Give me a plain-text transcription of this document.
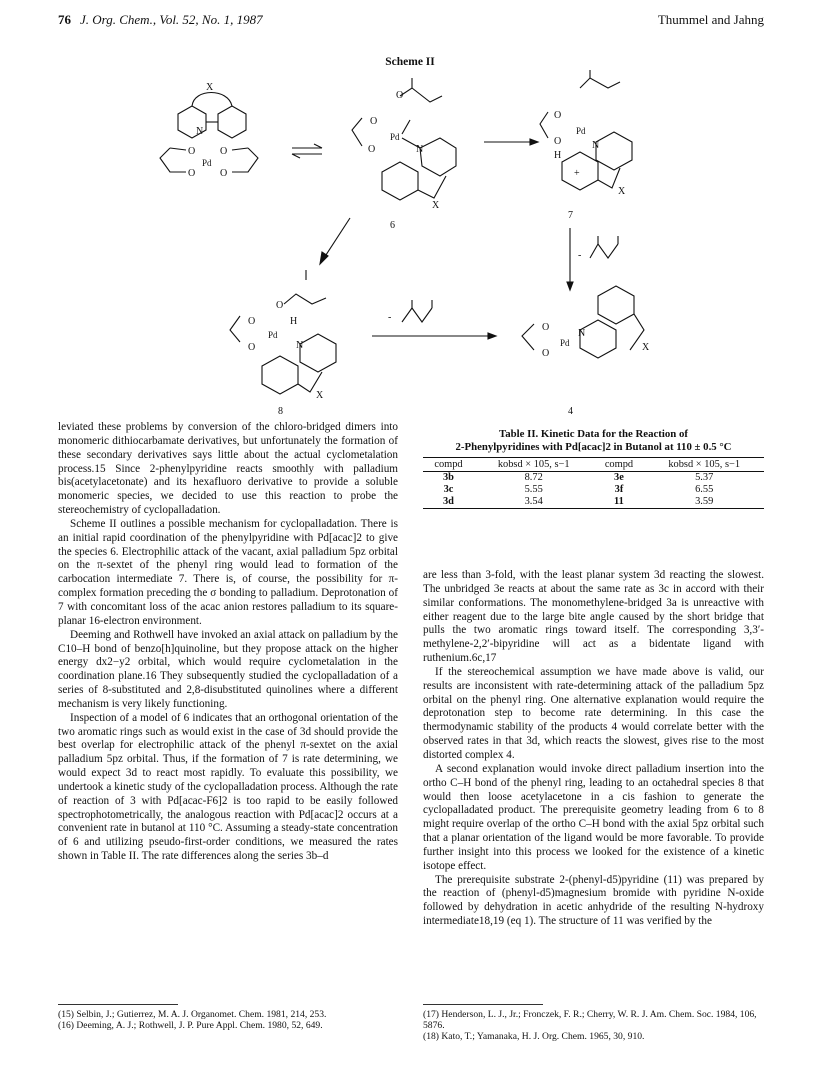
76 J. Org. Chem., Vol. 52, No. 1, 1987	Thummel and Jahng
Scheme II
X
N
O
O
O
O
Pd
O
O
O
Pd
N
X
6
O
O
Pd
N
H
+
X
7
-
O
O
O
Pd
H
N
X
8
-
O
O
Pd
N
X
4

leviated these problems by conversion of the chloro-bridged dimers into monomeric dithiocarbamate derivatives, but unfortunately the formation of these secondary derivatives says little about the actual cyclometalation process.15 Since 2-phenylpyridine reacts smoothly with palladium bis(acetylacetonate) and its hexafluoro derivative to provide a soluble monomeric species, we decided to use this reaction to probe the stereochemistry of cyclopalladation.

Scheme II outlines a possible mechanism for cyclopalladation. There is an initial rapid coordination of the phenylpyridine with Pd[acac]2 to give the species 6. Electrophilic attack of the vacant, axial palladium 5pz orbital on the π-sextet of the phenyl ring would lead to formation of the carbocation intermediate 7. There is, of course, the possibility for π-complex formation preceding the σ bonding to palladium. Deprotonation of 7 with concomitant loss of the acac anion restores palladium to its square-planar 16-electron environment.

Deeming and Rothwell have invoked an axial attack on palladium by the C10–H bond of benzo[h]quinoline, but they propose attack on the higher energy dx2−y2 orbital, which would require cyclometalation in the coordination plane.16 They subsequently studied the cyclopalladation of a series of 8-substituted and 2,8-disubstituted quinolines where a different mechanism is very likely functioning.

Inspection of a model of 6 indicates that an orthogonal orientation of the two aromatic rings such as would exist in the case of 3d should provide the best overlap for electrophilic attack of the phenyl π-sextet on the axial palladium 5pz orbital. Thus, if the formation of 7 is rate determining, we would expect 3d to react most rapidly. To evaluate this possibility, we undertook a kinetic study of the cyclopalladation process. Although the rate of reaction of 3 with Pd[acac-F6]2 is too rapid to be easily followed spectrophotometrically, the analogous reaction with Pd[acac]2 occurs at a convenient rate in butanol at 110 °C. Assuming a steady-state concentration of 6 and utilizing pseudo-first-order conditions, we measured the rates shown in Table II. The rate differences along the series 3b–d

Table II. Kinetic Data for the Reaction of
2-Phenylpyridines with Pd[acac]2 in Butanol at 110 ± 0.5 °C
compd	kobsd × 105, s−1	compd	kobsd × 105, s−1
3b	8.72	3e	5.37
3c	5.55	3f	6.55
3d	3.54	11	3.59

are less than 3-fold, with the least planar system 3d reacting the slowest. The unbridged 3e reacts at about the same rate as 3c in accord with their similar conformations. The monomethylene-bridged 3a is unreactive with either reagent due to the large bite angle caused by the short bridge that pulls the two aromatic rings toward itself. The corresponding 3,3′-methylene-2,2′-bipyridine will act as a bidentate ligand with ruthenium.6c,17

If the stereochemical assumption we have made above is valid, our results are inconsistent with rate-determining attack of the palladium 5pz orbital on the phenyl ring. One alternative explanation would require the deprotonation step to become rate determining. In this case the thermodynamic stability of the products 4 would correlate better with the observed rates in that 3d, which reacts the slowest, gives rise to the most distorted complex 4.

A second explanation would invoke direct palladium insertion into the ortho C–H bond of the phenyl ring, leading to an octahedral species 8 that would then loose acetylacetone in a cis fashion to generate the cyclopalladated product. The prerequisite geometry leading from 6 to 8 might require overlap of the ortho C–H bond with the axial 5pz orbital such that a planar orientation of the ligand would be more favorable. To provide further insight into this process we looked for the existence of a kinetic isotope effect.

The prerequisite substrate 2-(phenyl-d5)pyridine (11) was prepared by the reaction of (phenyl-d5)magnesium bromide with pyridine N-oxide followed by dehydration in acetic anhydride of the resulting N-hydroxy intermediate18,19 (eq 1). The structure of 11 was verified by the

(15) Selbin, J.; Gutierrez, M. A. J. Organomet. Chem. 1981, 214, 253.

(16) Deeming, A. J.; Rothwell, J. P. Pure Appl. Chem. 1980, 52, 649.

(17) Henderson, L. J., Jr.; Fronczek, F. R.; Cherry, W. R. J. Am. Chem. Soc. 1984, 106, 5876.

(18) Kato, T.; Yamanaka, H. J. Org. Chem. 1965, 30, 910.
